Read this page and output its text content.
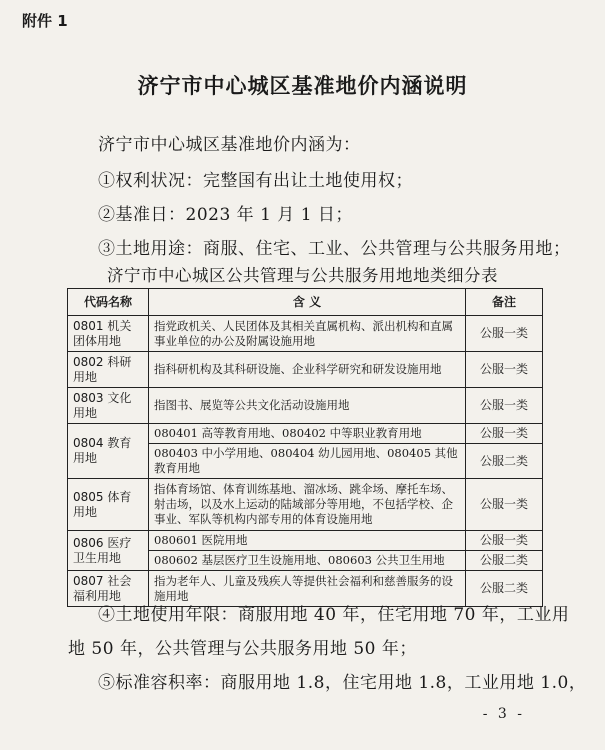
附件 1
济宁市中心城区基准地价内涵说明
济宁市中心城区基准地价内涵为：
①权利状况：完整国有出让土地使用权；
②基准日：2023 年 1 月 1 日；
③土地用途：商服、住宅、工业、公共管理与公共服务用地；
济宁市中心城区公共管理与公共服务用地地类细分表
代码名称	含 义	备注
0801 机关团体用地	指党政机关、人民团体及其相关直属机构、派出机构和直属事业单位的办公及附属设施用地	公服一类
0802 科研用地	指科研机构及其科研设施、企业科学研究和研发设施用地	公服一类
0803 文化用地	指图书、展览等公共文化活动设施用地	公服一类
0804 教育用地	080401 高等教育用地、080402 中等职业教育用地	公服一类
	080403 中小学用地、080404 幼儿园用地、080405 其他教育用地	公服二类
0805 体育用地	指体育场馆、体育训练基地、溜冰场、跳伞场、摩托车场、射击场，以及水上运动的陆域部分等用地，不包括学校、企事业、军队等机构内部专用的体育设施用地	公服一类
0806 医疗卫生用地	080601 医院用地	公服一类
	080602 基层医疗卫生设施用地、080603 公共卫生用地	公服二类
0807 社会福利用地	指为老年人、儿童及残疾人等提供社会福利和慈善服务的设施用地	公服二类
④土地使用年限：商服用地 40 年，住宅用地 70 年，工业用
地 50 年，公共管理与公共服务用地 50 年；
⑤标准容积率：商服用地 1.8，住宅用地 1.8，工业用地 1.0，
- 3 -
